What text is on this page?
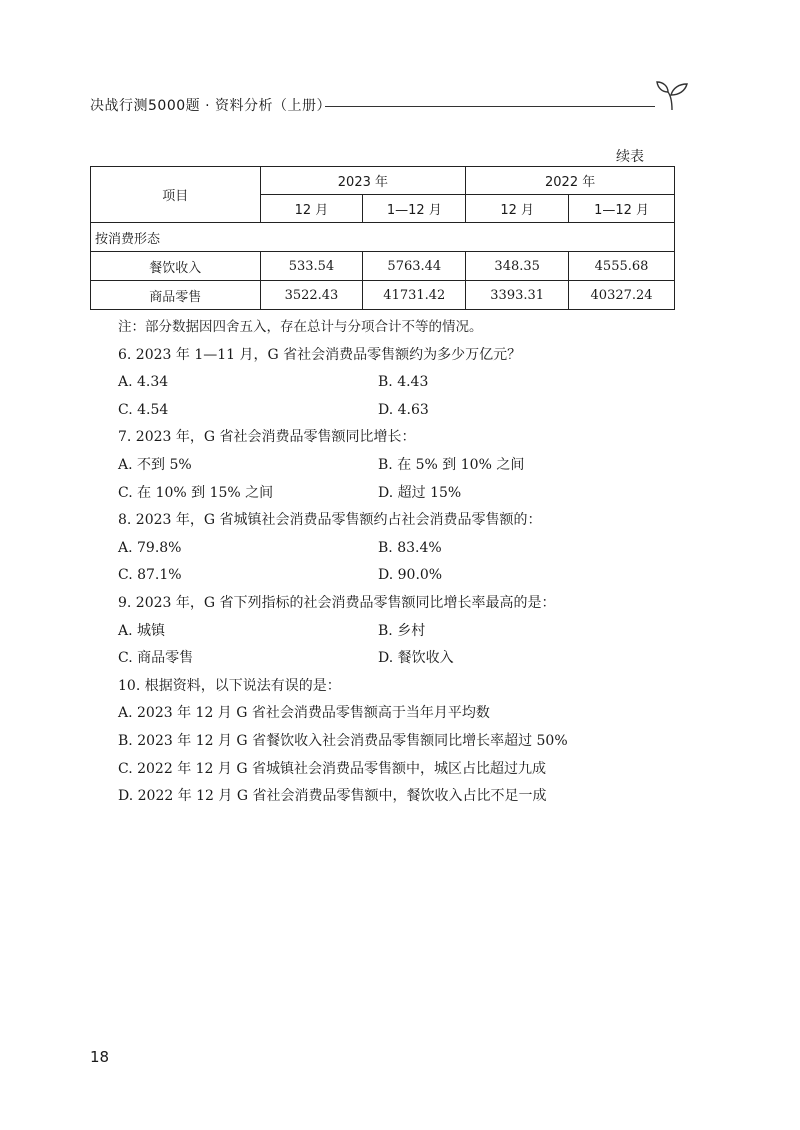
决战行测5000题 · 资料分析（上册）
续表
项目	2023 年		2022 年	
	12 月	1—12 月	12 月	1—12 月
按消费形态				
餐饮收入	533.54	5763.44	348.35	4555.68
商品零售	3522.43	41731.42	3393.31	40327.24
注：部分数据因四舍五入，存在总计与分项合计不等的情况。
6. 2023 年 1—11 月，G 省社会消费品零售额约为多少万亿元？
A. 4.34	B. 4.43
C. 4.54	D. 4.63
7. 2023 年，G 省社会消费品零售额同比增长：
A. 不到 5%	B. 在 5% 到 10% 之间
C. 在 10% 到 15% 之间	D. 超过 15%
8. 2023 年，G 省城镇社会消费品零售额约占社会消费品零售额的：
A. 79.8%	B. 83.4%
C. 87.1%	D. 90.0%
9. 2023 年，G 省下列指标的社会消费品零售额同比增长率最高的是：
A. 城镇	B. 乡村
C. 商品零售	D. 餐饮收入
10. 根据资料，以下说法有误的是：
A. 2023 年 12 月 G 省社会消费品零售额高于当年月平均数
B. 2023 年 12 月 G 省餐饮收入社会消费品零售额同比增长率超过 50%
C. 2022 年 12 月 G 省城镇社会消费品零售额中，城区占比超过九成
D. 2022 年 12 月 G 省社会消费品零售额中，餐饮收入占比不足一成
18
